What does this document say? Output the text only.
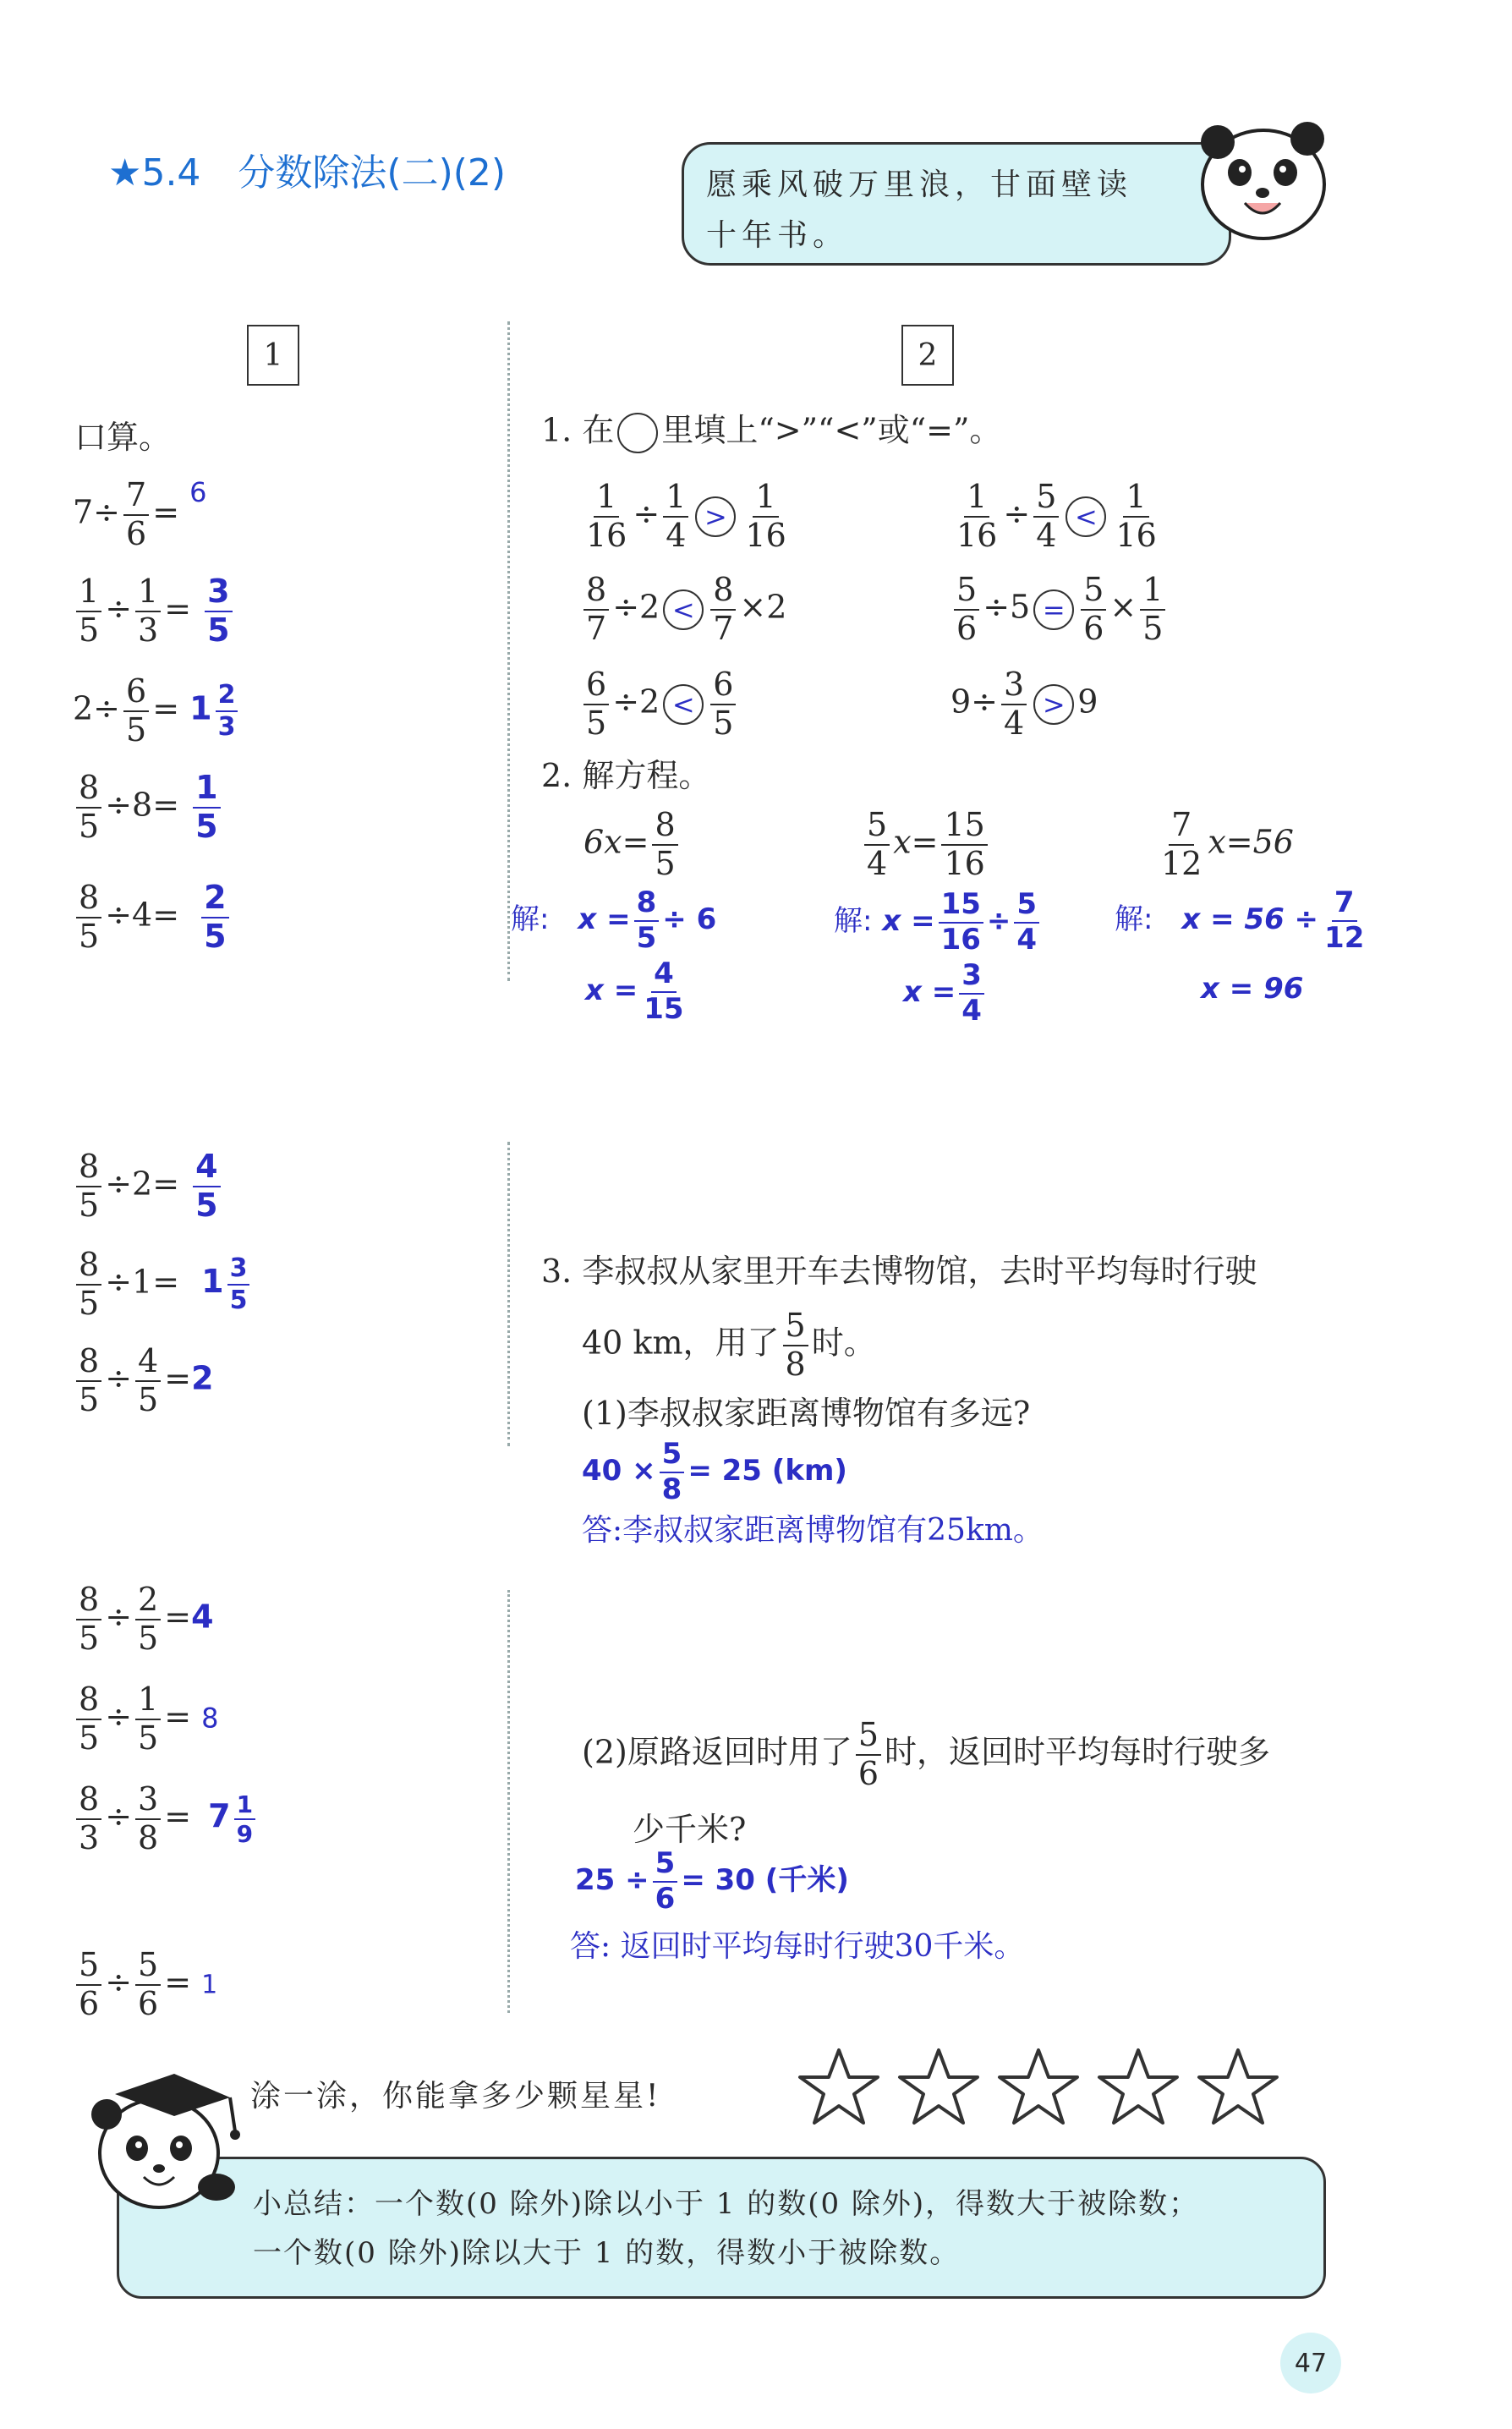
★5.4　分数除法(二)(2)	愿乘风破万里浪，甘面壁读十年书。
1
口算。
$7\div \frac{7}{6} = ^6$
$\frac{1}{5} \div \frac{1}{3} = \frac{3}{5}$
$2\div \frac{6}{5} = 1 \frac{2}{3}$
$\frac{8}{5} \div 8= \frac{1}{5}$
$\frac{8}{5} \div 4= \frac{2}{5}$
$\frac{8}{5} \div 2= \frac{4}{5}$
$\frac{8}{5} \div 1= 1 \frac{3}{5}$
$\frac{8}{5} \div \frac{4}{5} =2$
$\frac{8}{5} \div \frac{2}{5} =4$
$\frac{8}{5} \div \frac{1}{5} = 8$
$\frac{8}{3} \div \frac{3}{8} = 7 \frac{1}{9}$
$\frac{5}{6} \div \frac{5}{6} = 1$
2
1. 在 里填上“>”“<”或“=”。
$\frac{1}{16} \div \frac{1}{4} > \frac{1}{16}$	$\frac{1}{16} \div \frac{5}{4} < \frac{1}{16}$
$\frac{8}{7} \div 2 < \frac{8}{7} \times 2$	$\frac{5}{6} \div 5 = \frac{5}{6} \times \frac{1}{5}$
$\frac{6}{5} \div 2 < \frac{6}{5}$	$9\div \frac{3}{4} > 9$
2. 解方程。
$6x= \frac{8}{5}$	$\frac{5}{4} x= \frac{15}{16}$	$\frac{7}{12} x=56$
解: $x = \frac{8}{5} \div 6$
$x = \frac{4}{15}$
解: $x = \frac{15}{16} \div \frac{5}{4}$
$x = \frac{3}{4}$
解: $x = 56 \div \frac{7}{12}$
x = 96
3. 李叔叔从家里开车去博物馆，去时平均每时行驶
40 km，用了 $\frac{5}{8}$ 时。
(1)李叔叔家距离博物馆有多远?
$40 \times \frac{5}{8} = 25$ (km)
答:李叔叔家距离博物馆有25km。
(2)原路返回时用了 $\frac{5}{6}$ 时，返回时平均每时行驶多
少千米?
$25 \div \frac{5}{6} = 30$ (千米)
答: 返回时平均每时行驶30千米。
涂一涂，你能拿多少颗星星!
小总结：一个数(0 除外)除以小于 1 的数(0 除外)，得数大于被除数；
一个数(0 除外)除以大于 1 的数，得数小于被除数。
47
